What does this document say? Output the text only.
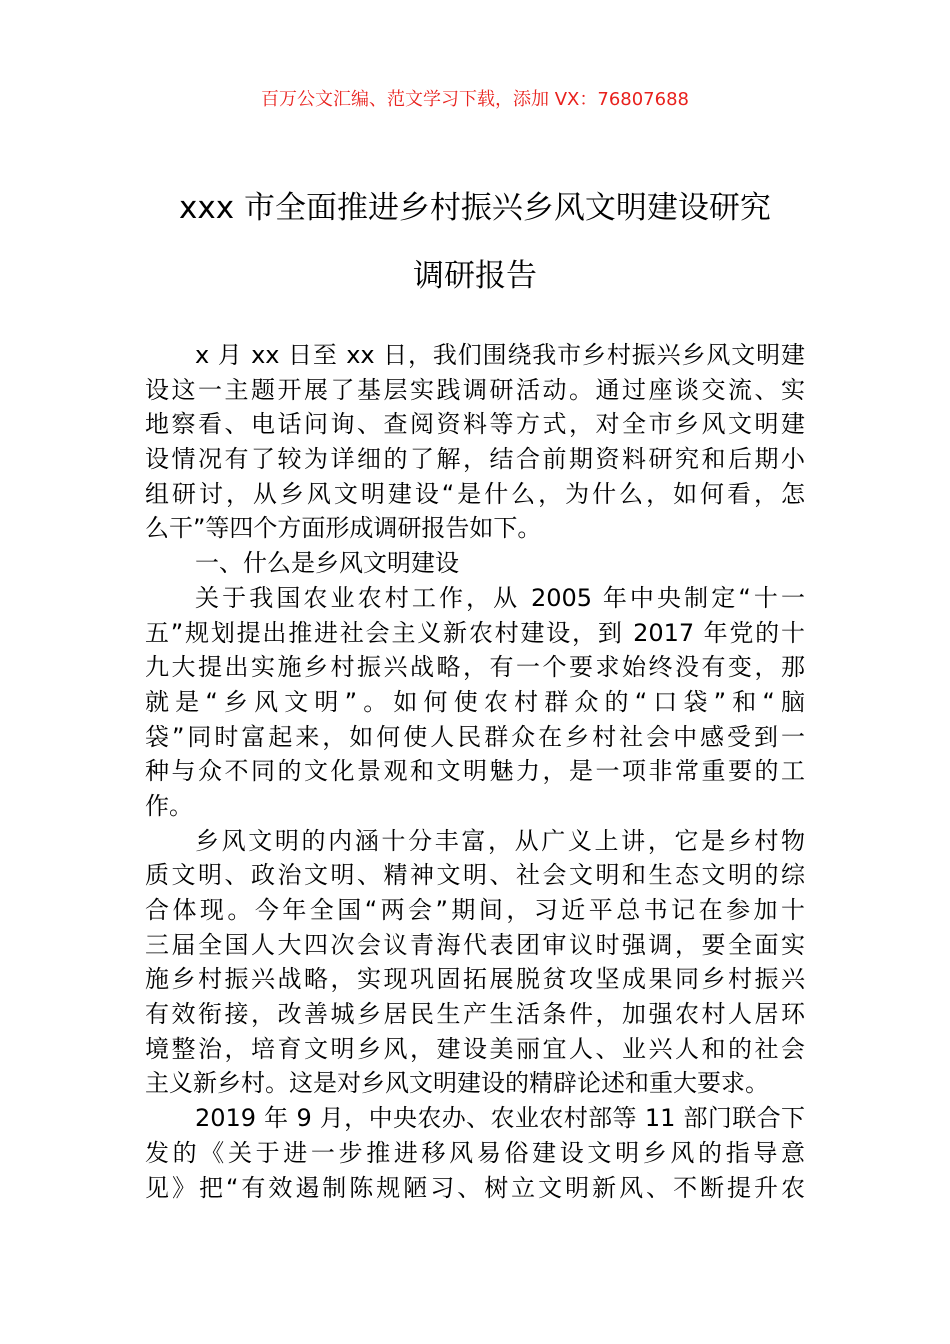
百万公文汇编、范文学习下载，添加 VX：76807688
xxx 市全面推进乡村振兴乡风文明建设研究
调研报告
x 月 xx 日至 xx 日，我们围绕我市乡村振兴乡风文明建
设这一主题开展了基层实践调研活动。通过座谈交流、实
地察看、电话问询、查阅资料等方式，对全市乡风文明建
设情况有了较为详细的了解，结合前期资料研究和后期小
组研讨，从乡风文明建设“是什么，为什么，如何看，怎
么干”等四个方面形成调研报告如下。
一、什么是乡风文明建设
关于我国农业农村工作，从 2005 年中央制定“十一
五”规划提出推进社会主义新农村建设，到 2017 年党的十
九大提出实施乡村振兴战略，有一个要求始终没有变，那
就是“乡风文明”。如何使农村群众的“口袋”和“脑
袋”同时富起来，如何使人民群众在乡村社会中感受到一
种与众不同的文化景观和文明魅力，是一项非常重要的工
作。
乡风文明的内涵十分丰富，从广义上讲，它是乡村物
质文明、政治文明、精神文明、社会文明和生态文明的综
合体现。今年全国“两会”期间，习近平总书记在参加十
三届全国人大四次会议青海代表团审议时强调，要全面实
施乡村振兴战略，实现巩固拓展脱贫攻坚成果同乡村振兴
有效衔接，改善城乡居民生产生活条件，加强农村人居环
境整治，培育文明乡风，建设美丽宜人、业兴人和的社会
主义新乡村。这是对乡风文明建设的精辟论述和重大要求。
2019 年 9 月，中央农办、农业农村部等 11 部门联合下
发的《关于进一步推进移风易俗建设文明乡风的指导意
见》把“有效遏制陈规陋习、树立文明新风、不断提升农
